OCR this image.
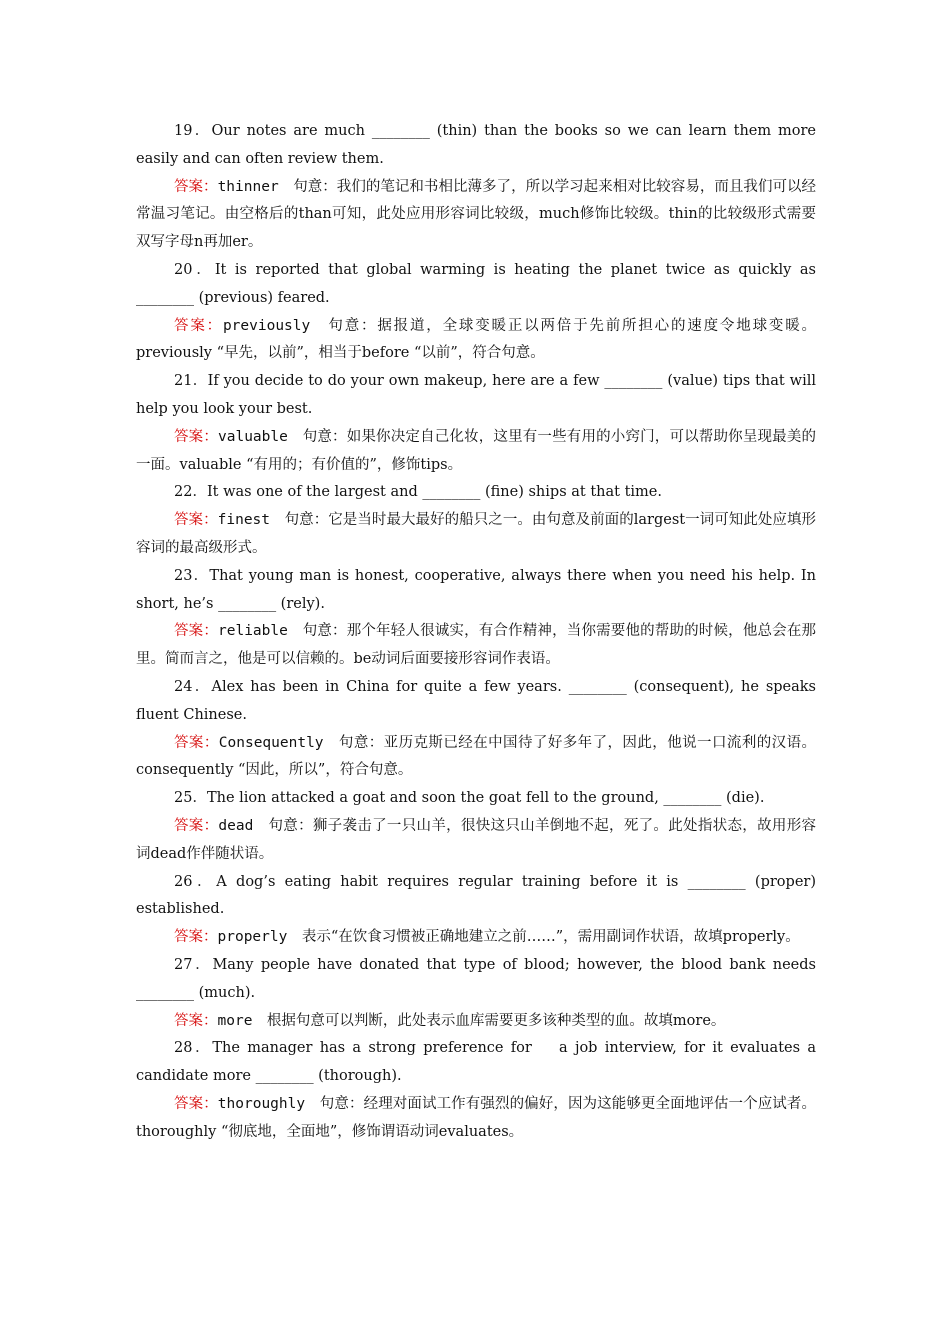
19．Our notes are much ________ (thin) than the books so we can learn them more easily and can often review them.

答案：thinner　句意：我们的笔记和书相比薄多了，所以学习起来相对比较容易，而且我们可以经常温习笔记。由空格后的than可知，此处应用形容词比较级，much修饰比较级。thin的比较级形式需要双写字母n再加er。

20．It is reported that global warming is heating the planet twice as quickly as ________ (previous) feared.

答案：previously　句意：据报道，全球变暖正以两倍于先前所担心的速度令地球变暖。previously “早先，以前”，相当于before “以前”，符合句意。

21．If you decide to do your own makeup, here are a few ________ (value) tips that will help you look your best.

答案：valuable　句意：如果你决定自己化妆，这里有一些有用的小窍门，可以帮助你呈现最美的一面。valuable “有用的；有价值的”，修饰tips。

22．It was one of the largest and ________ (fine) ships at that time.

答案：finest　句意：它是当时最大最好的船只之一。由句意及前面的largest一词可知此处应填形容词的最高级形式。

23．That young man is honest, cooperative, always there when you need his help. In short, he’s ________ (rely).

答案：reliable　句意：那个年轻人很诚实，有合作精神，当你需要他的帮助的时候，他总会在那里。简而言之，他是可以信赖的。be动词后面要接形容词作表语。

24．Alex has been in China for quite a few years. ________ (consequent), he speaks fluent Chinese.

答案：Consequently　句意：亚历克斯已经在中国待了好多年了，因此，他说一口流利的汉语。consequently “因此，所以”，符合句意。

25．The lion attacked a goat and soon the goat fell to the ground, ________ (die).

答案：dead　句意：狮子袭击了一只山羊，很快这只山羊倒地不起，死了。此处指状态，故用形容词dead作伴随状语。

26．A dog’s eating habit requires regular training before it is ________ (proper) established.

答案：properly　表示“在饮食习惯被正确地建立之前……”，需用副词作状语，故填properly。

27．Many people have donated that type of blood; however, the blood bank needs ________ (much).

答案：more　根据句意可以判断，此处表示血库需要更多该种类型的血。故填more。

28．The manager has a strong preference for　 a job interview, for it evaluates a candidate more ________ (thorough).

答案：thoroughly　句意：经理对面试工作有强烈的偏好，因为这能够更全面地评估一个应试者。thoroughly “彻底地，全面地”，修饰谓语动词evaluates。
